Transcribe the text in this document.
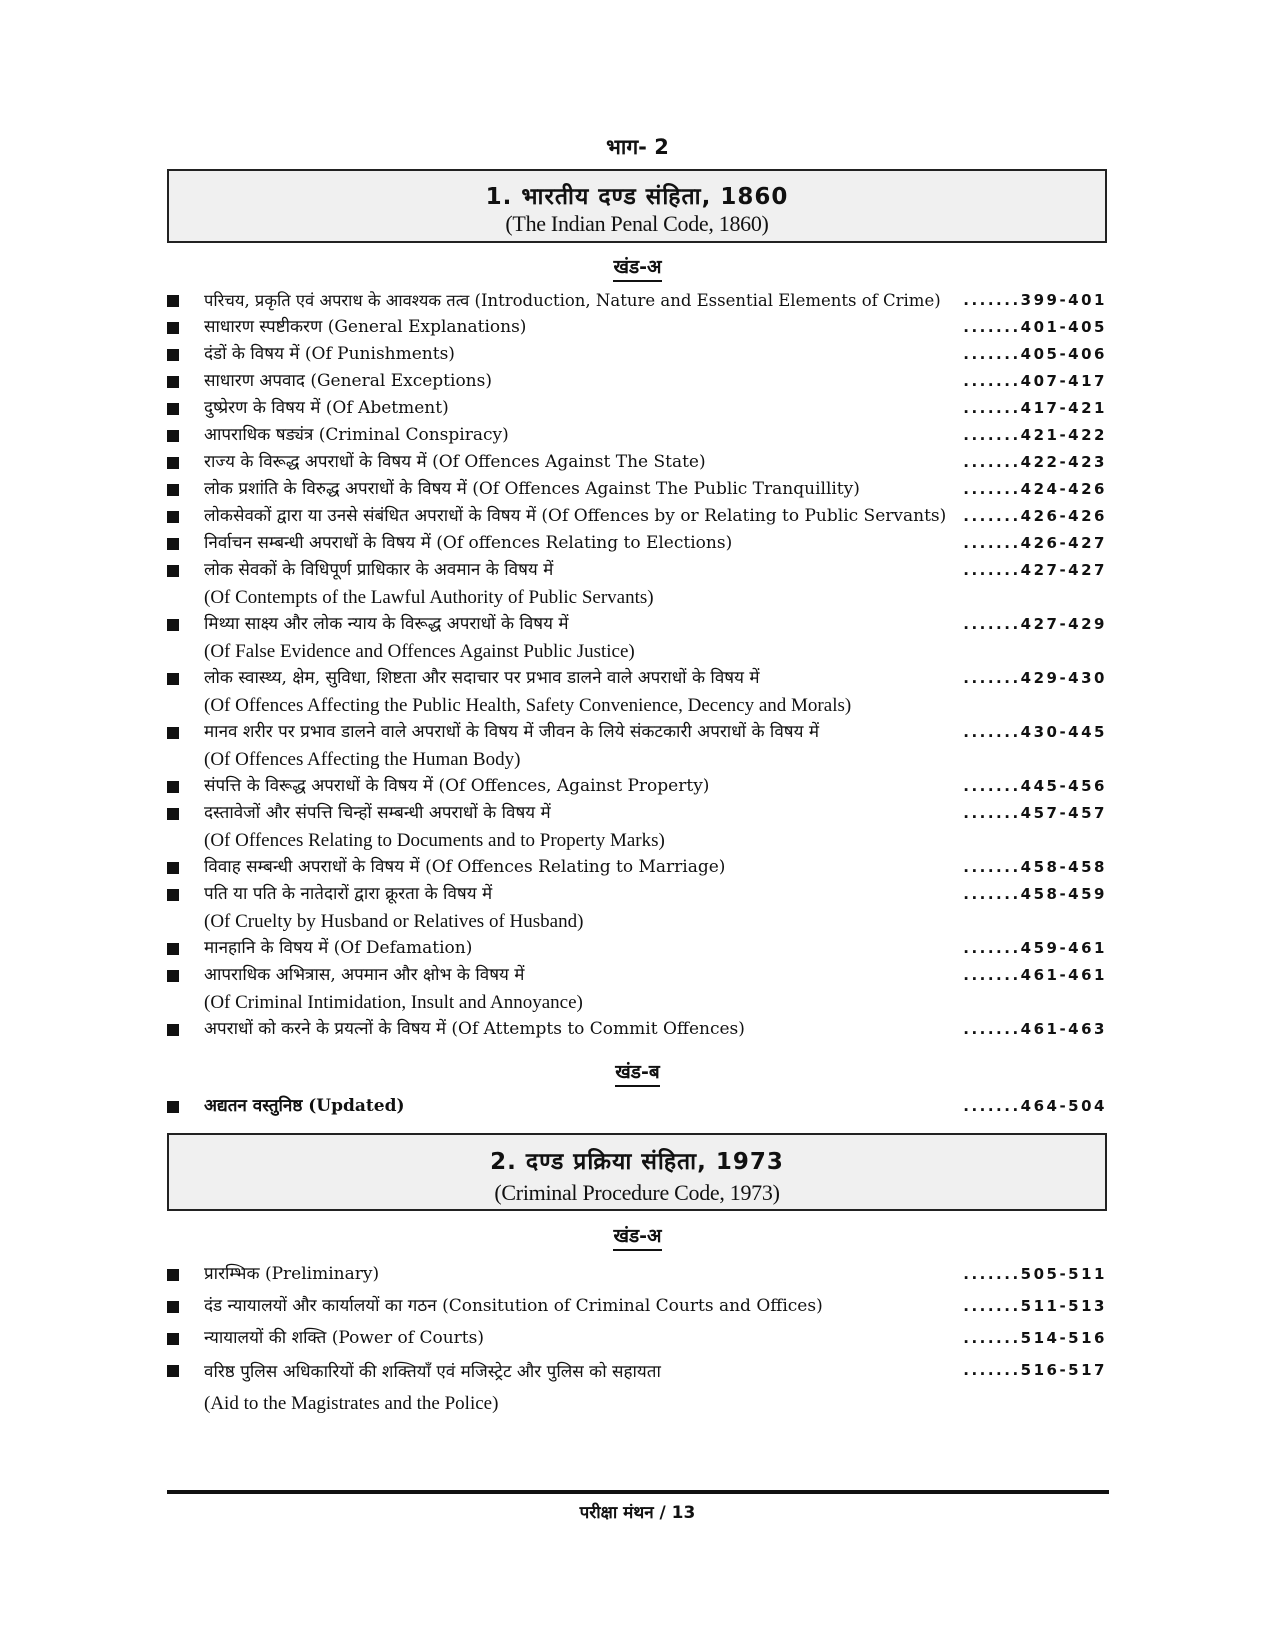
भाग- 2
1. भारतीय दण्ड संहिता, 1860
(The Indian Penal Code, 1860)
खंड-अ
परिचय, प्रकृति एवं अपराध के आवश्यक तत्व (Introduction, Nature and Essential Elements of Crime) .......399-401
साधारण स्पष्टीकरण (General Explanations)	.......401-405
दंडों के विषय में (Of Punishments)	.......405-406
साधारण अपवाद (General Exceptions)	.......407-417
दुष्प्रेरण के विषय में (Of Abetment)	.......417-421
आपराधिक षड्यंत्र (Criminal Conspiracy)	.......421-422
राज्य के विरूद्ध अपराधों के विषय में (Of Offences Against The State)	.......422-423
लोक प्रशांति के विरुद्ध अपराधों के विषय में (Of Offences Against The Public Tranquillity)	.......424-426
लोकसेवकों द्वारा या उनसे संबंधित अपराधों के विषय में (Of Offences by or Relating to Public Servants) .......426-426
निर्वाचन सम्बन्धी अपराधों के विषय में (Of offences Relating to Elections)	.......426-427
लोक सेवकों के विधिपूर्ण प्राधिकार के अवमान के विषय में
(Of Contempts of the Lawful Authority of Public Servants)
.......427-427
मिथ्या साक्ष्य और लोक न्याय के विरूद्ध अपराधों के विषय में
(Of False Evidence and Offences Against Public Justice)
.......427-429
लोक स्वास्थ्य, क्षेम, सुविधा, शिष्टता और सदाचार पर प्रभाव डालने वाले अपराधों के विषय में
(Of Offences Affecting the Public Health, Safety Convenience, Decency and Morals)
.......429-430
मानव शरीर पर प्रभाव डालने वाले अपराधों के विषय में जीवन के लिये संकटकारी अपराधों के विषय में
(Of Offences Affecting the Human Body)
.......430-445
संपत्ति के विरूद्ध अपराधों के विषय में (Of Offences, Against Property)	.......445-456
दस्तावेजों और संपत्ति चिन्हों सम्बन्धी अपराधों के विषय में
(Of Offences Relating to Documents and to Property Marks)
.......457-457
विवाह सम्बन्धी अपराधों के विषय में (Of Offences Relating to Marriage)	.......458-458
पति या पति के नातेदारों द्वारा क्रूरता के विषय में
(Of Cruelty by Husband or Relatives of Husband)
.......458-459
मानहानि के विषय में (Of Defamation)	.......459-461
आपराधिक अभित्रास, अपमान और क्षोभ के विषय में
(Of Criminal Intimidation, Insult and Annoyance)
.......461-461
अपराधों को करने के प्रयत्नों के विषय में (Of Attempts to Commit Offences)	.......461-463
खंड-ब
अद्यतन वस्तुनिष्ठ (Updated)	.......464-504
2. दण्ड प्रक्रिया संहिता, 1973
(Criminal Procedure Code, 1973)
खंड-अ
प्रारम्भिक (Preliminary)	.......505-511
दंड न्यायालयों और कार्यालयों का गठन (Consitution of Criminal Courts and Offices)	.......511-513
न्यायालयों की शक्ति (Power of Courts)	.......514-516
वरिष्ठ पुलिस अधिकारियों की शक्तियाँ एवं मजिस्ट्रेट और पुलिस को सहायता
(Aid to the Magistrates and the Police)
.......516-517
परीक्षा मंथन / 13
